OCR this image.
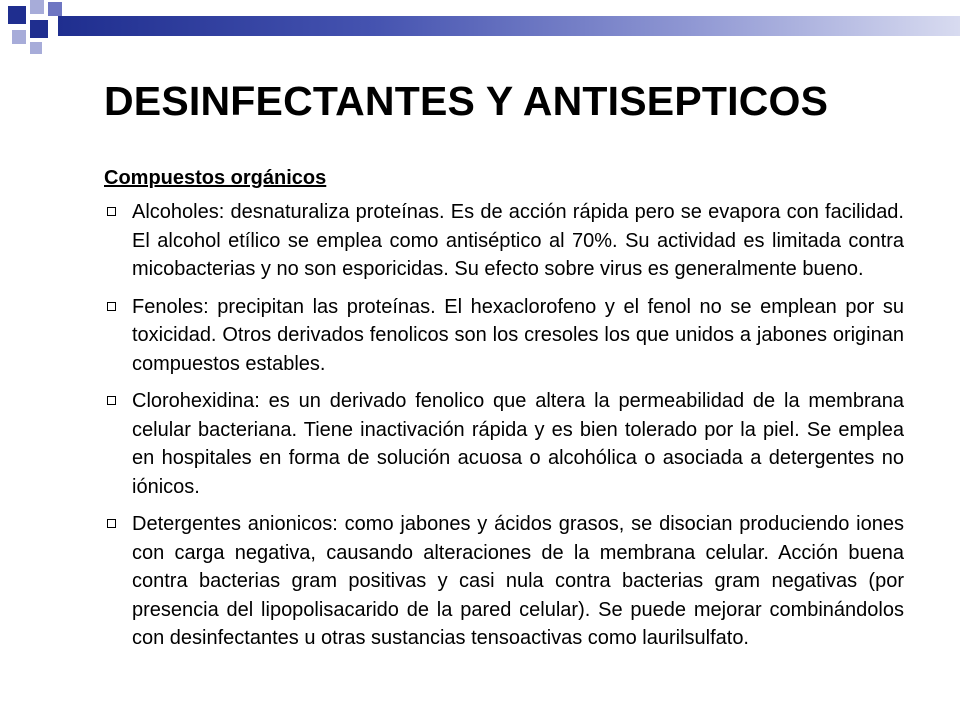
DESINFECTANTES Y ANTISEPTICOS

Compuestos orgánicos

Alcoholes: desnaturaliza proteínas. Es de acción rápida pero se evapora con facilidad. El alcohol etílico se emplea como antiséptico al 70%. Su actividad es limitada contra micobacterias y no son esporicidas. Su efecto sobre virus es generalmente bueno.
Fenoles: precipitan las proteínas. El hexaclorofeno y el fenol no se emplean por su toxicidad. Otros derivados fenolicos son los cresoles los que unidos a jabones originan compuestos estables.
Clorohexidina: es un derivado fenolico que altera la permeabilidad de la membrana celular bacteriana. Tiene inactivación rápida y es bien tolerado por la piel. Se emplea en hospitales en forma de solución acuosa o alcohólica o asociada a detergentes no iónicos.
Detergentes anionicos: como jabones y ácidos grasos, se disocian produciendo iones con carga negativa, causando alteraciones de la membrana celular. Acción buena contra bacterias gram positivas y casi nula contra bacterias gram negativas (por presencia del lipopolisacarido de la pared celular). Se puede mejorar combinándolos con desinfectantes u otras sustancias tensoactivas como laurilsulfato.
